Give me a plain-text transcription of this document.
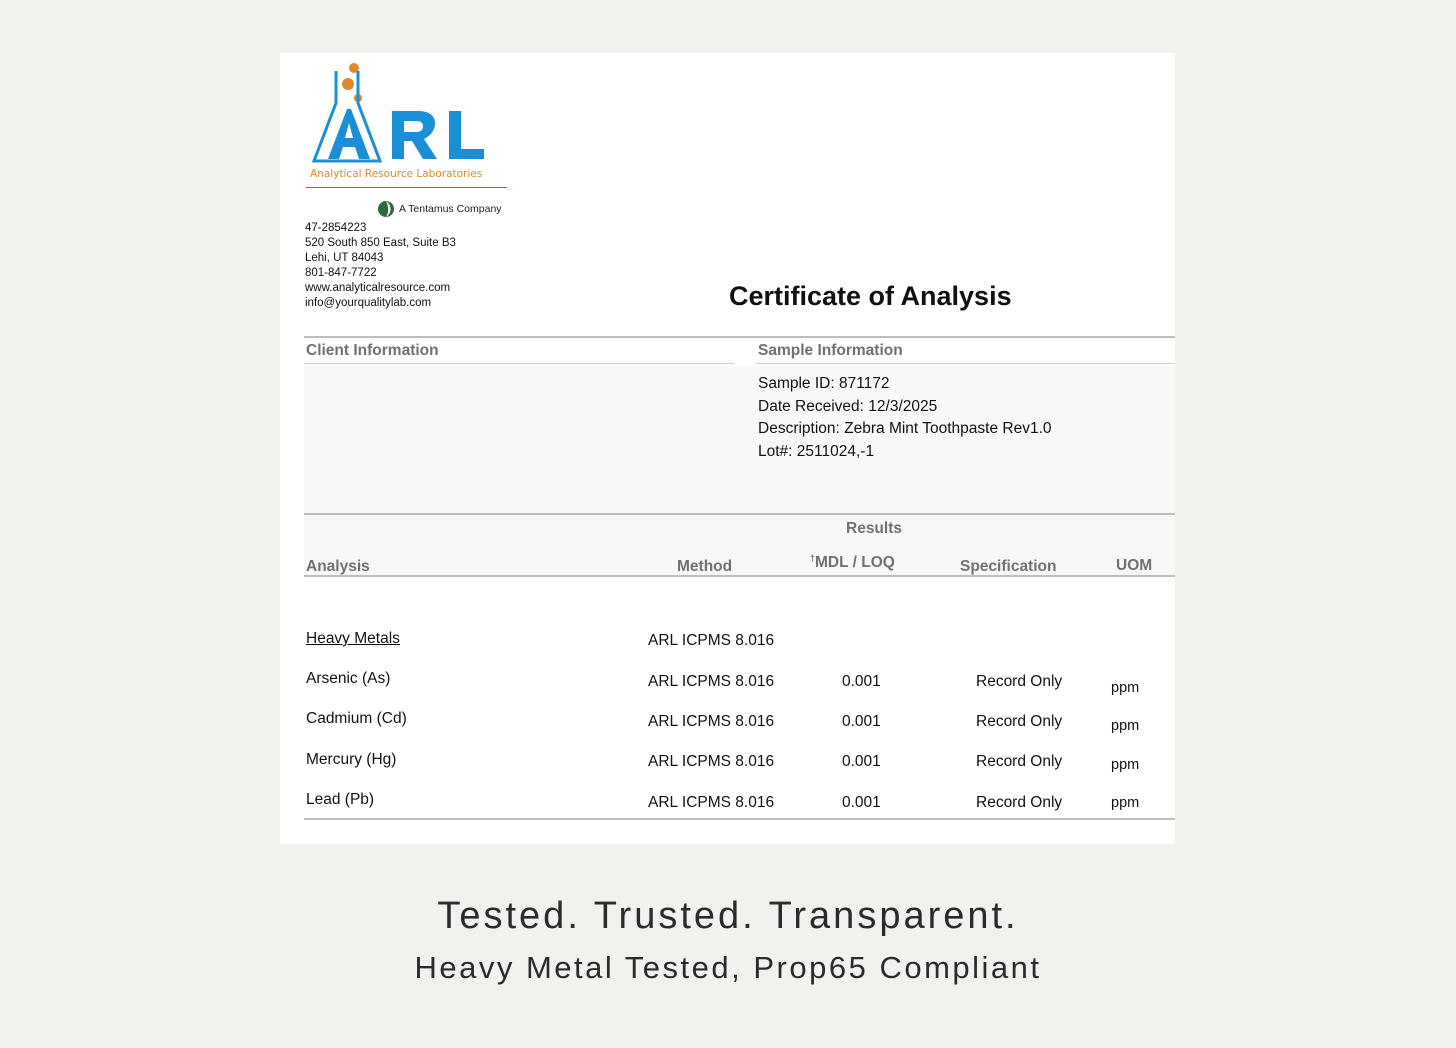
Analytical Resource Laboratories
A Tentamus Company
47-2854223
520 South 850 East, Suite B3
Lehi, UT 84043
801-847-7722
www.analyticalresource.com
info@yourqualitylab.com	Certificate of Analysis
Client Information	Sample Information
Sample ID: 871172
Date Received: 12/3/2025
Description: Zebra Mint Toothpaste Rev1.0
Lot#: 2511024,-1
Results
Analysis	Method	†MDL / LOQ	Specification	UOM
Heavy Metals	ARL ICPMS 8.016
Arsenic (As)	ARL ICPMS 8.016	0.001	Record Only	ppm
Cadmium (Cd)	ARL ICPMS 8.016	0.001	Record Only	ppm
Mercury (Hg)	ARL ICPMS 8.016	0.001	Record Only	ppm
Lead (Pb)	ARL ICPMS 8.016	0.001	Record Only	ppm
Tested. Trusted. Transparent.
Heavy Metal Tested, Prop65 Compliant
